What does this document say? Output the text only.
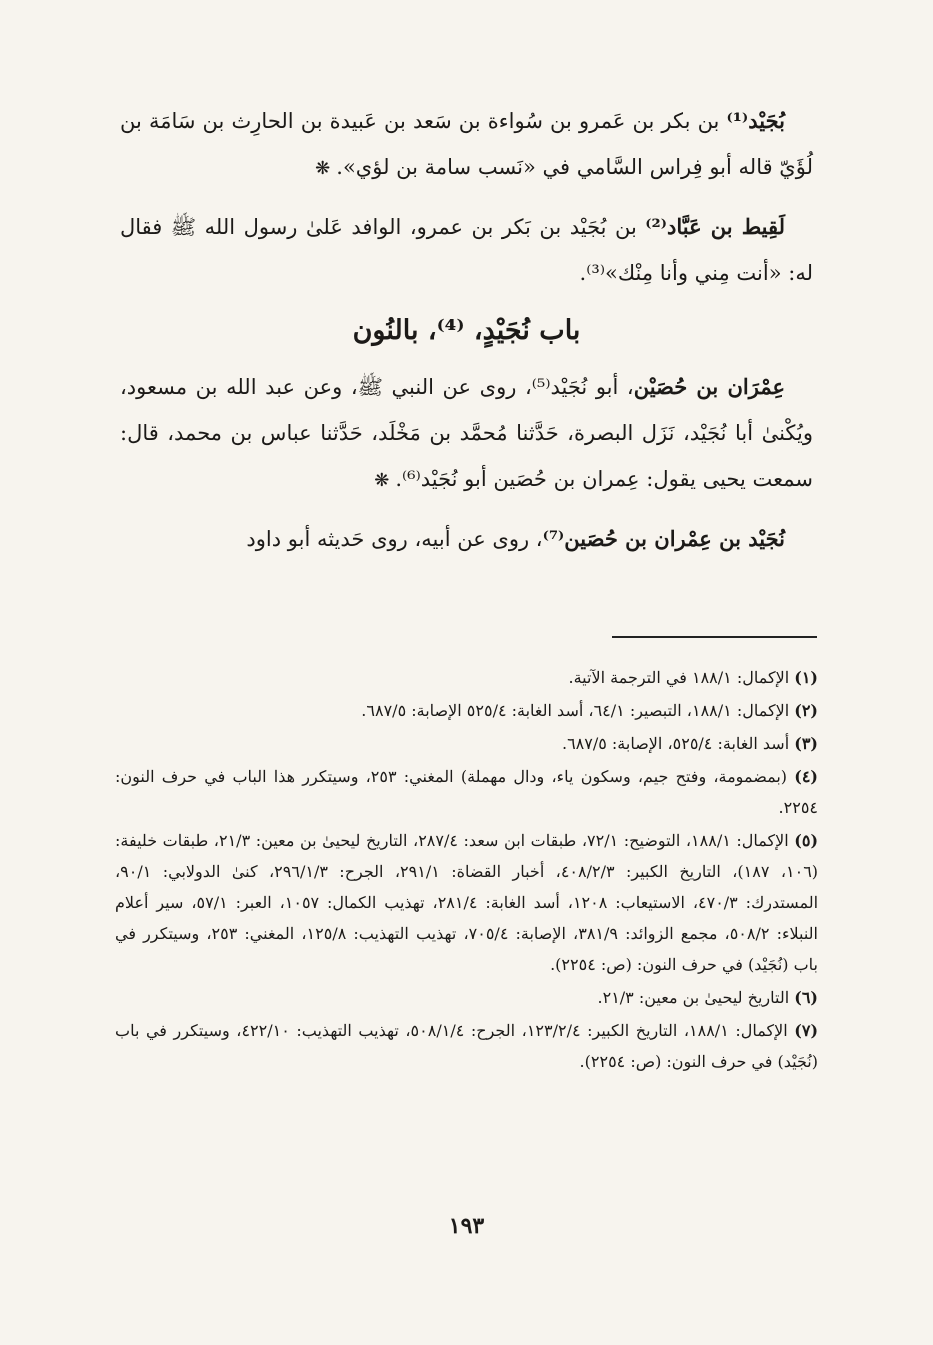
بُجَيْد⁽¹⁾ بن بكر بن عَمرو بن سُواءة بن سَعد بن عَبيدة بن الحارِث بن سَامَة بن لُؤَيّ قاله أبو فِراس السَّامي في «نَسب سامة بن لؤي».❋

لَقِيط بن عَبَّاد⁽²⁾ بن بُجَيْد بن بَكر بن عمرو، الوافد عَلىٰ رسول الله ﷺ فقال له: «أنت مِني وأنا مِنْك»⁽³⁾.

باب نُجَيْدٍ، ⁽⁴⁾، بالنُون

عِمْرَان بن حُصَيْن، أبو نُجَيْد⁽⁵⁾، روى عن النبي ﷺ، وعن عبد الله بن مسعود، ويُكْنىٰ أبا نُجَيْد، نَزَل البصرة، حَدَّثنا مُحمَّد بن مَخْلَد، حَدَّثنا عباس بن محمد، قال: سمعت يحيى يقول: عِمران بن حُصَين أبو نُجَيْد⁽⁶⁾.❋

نُجَيْد بن عِمْران بن حُصَين⁽⁷⁾، روى عن أبيه، روى حَديثه أبو داود

(١) الإكمال: ١٨٨/١ في الترجمة الآتية.

(٢) الإكمال: ١٨٨/١، التبصير: ٦٤/١، أسد الغابة: ٥٢٥/٤ الإصابة: ٦٨٧/٥.

(٣) أسد الغابة: ٥٢٥/٤، الإصابة: ٦٨٧/٥.

(٤) (بمضمومة، وفتح جيم، وسكون ياء، ودال مهملة) المغني: ٢٥٣، وسيتكرر هذا الباب في حرف النون: ٢٢٥٤.

(٥) الإكمال: ١٨٨/١، التوضيح: ٧٢/١، طبقات ابن سعد: ٢٨٧/٤، التاريخ ليحيىٰ بن معين: ٢١/٣، طبقات خليفة: (١٠٦، ١٨٧)، التاريخ الكبير: ٤٠٨/٢/٣، أخبار القضاة: ٢٩١/١، الجرح: ٢٩٦/١/٣، كنىٰ الدولابي: ٩٠/١، المستدرك: ٤٧٠/٣، الاستيعاب: ١٢٠٨، أسد الغابة: ٢٨١/٤، تهذيب الكمال: ١٠٥٧، العبر: ٥٧/١، سير أعلام النبلاء: ٥٠٨/٢، مجمع الزوائد: ٣٨١/٩، الإصابة: ٧٠٥/٤، تهذيب التهذيب: ١٢٥/٨، المغني: ٢٥٣، وسيتكرر في باب (نُجَيْد) في حرف النون: (ص: ٢٢٥٤).

(٦) التاريخ ليحيىٰ بن معين: ٢١/٣.

(٧) الإكمال: ١٨٨/١، التاريخ الكبير: ١٢٣/٢/٤، الجرح: ٥٠٨/١/٤، تهذيب التهذيب: ٤٢٢/١٠، وسيتكرر في باب (نُجَيْد) في حرف النون: (ص: ٢٢٥٤).

١٩٣
